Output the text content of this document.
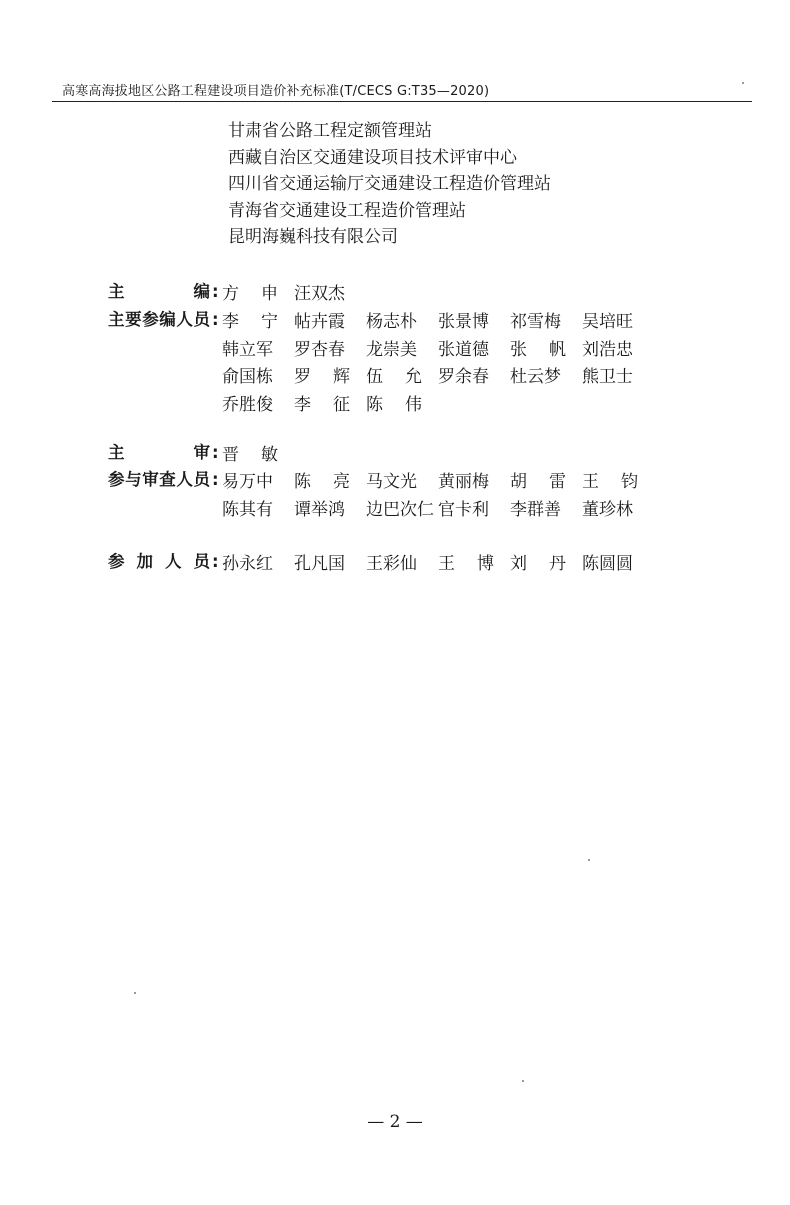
高寒高海拔地区公路工程建设项目造价补充标准(T/CECS G:T35—2020)
甘肃省公路工程定额管理站
西藏自治区交通建设项目技术评审中心
四川省交通运输厅交通建设工程造价管理站
青海省交通建设工程造价管理站
昆明海巍科技有限公司
主	编 : 方 申 汪双杰
主 要 参 编 人 员 : 李 宁 帖卉霞 杨志朴 张景博 祁雪梅 吴培旺
韩立军 罗杏春 龙崇美 张道德 张 帆 刘浩忠
俞国栋 罗 辉 伍 允 罗余春 杜云梦 熊卫士
乔胜俊 李 征 陈 伟
主	审 : 晋 敏
参 与 审 查 人 员 : 易万中 陈 亮 马文光 黄丽梅 胡 雷 王 钧
陈其有 谭举鸿 边巴次仁 官卡利 李群善 董珍林
参 加 人 员 : 孙永红 孔凡国 王彩仙 王 博 刘 丹 陈圆圆
— 2 —
